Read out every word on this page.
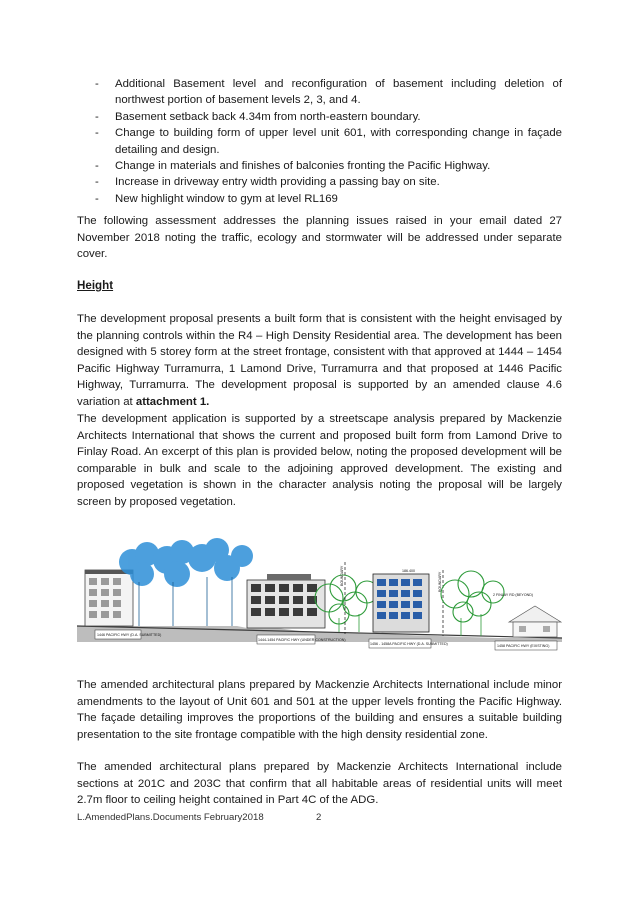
- Additional Basement level and reconfiguration of basement including deletion of northwest portion of basement levels 2, 3, and 4.
- Basement setback back 4.34m from north-eastern boundary.
- Change to building form of upper level unit 601, with corresponding change in façade detailing and design.
- Change in materials and finishes of balconies fronting the Pacific Highway.
- Increase in driveway entry width providing a passing bay on site.
- New highlight window to gym at level RL169

The following assessment addresses the planning issues raised in your email dated 27 November 2018 noting the traffic, ecology and stormwater will be addressed under separate cover.

Height

The development proposal presents a built form that is consistent with the height envisaged by the planning controls within the R4 – High Density Residential area. The development has been designed with 5 storey form at the street frontage, consistent with that approved at 1444 – 1454 Pacific Highway Turramurra, 1 Lamond Drive, Turramurra and that proposed at 1446 Pacific Highway, Turramurra. The development proposal is supported by an amended clause 4.6 variation at attachment 1.

The development application is supported by a streetscape analysis prepared by Mackenzie Architects International that shows the current and proposed built form from Lamond Drive to Finlay Road. An excerpt of this plan is provided below, noting the proposed development will be comparable in bulk and scale to the adjoining approved development. The existing and proposed vegetation is shown in the character analysis noting the proposal will be largely screen by proposed vegetation.

BOUNDARY	BOUNDARY
186.400
2 FINLAY RD (BEYOND)
1446 PACIFIC HWY (D.A. SUBMITTED)
1444-1454 PACIFIC HWY (UNDER CONSTRUCTION)
1456 - 1458A PACIFIC HWY (D.A. SUBMITTED)	1458 PACIFIC HWY (EXISTING)

The amended architectural plans prepared by Mackenzie Architects International include minor amendments to the layout of Unit 601 and 501 at the upper levels fronting the Pacific Highway. The façade detailing improves the proportions of the building and ensures a suitable building presentation to the site frontage compatible with the high density residential zone.

The amended architectural plans prepared by Mackenzie Architects International include sections at 201C and 203C that confirm that all habitable areas of residential units will meet 2.7m floor to ceiling height contained in Part 4C of the ADG.

L.AmendedPlans.Documents February2018	2
